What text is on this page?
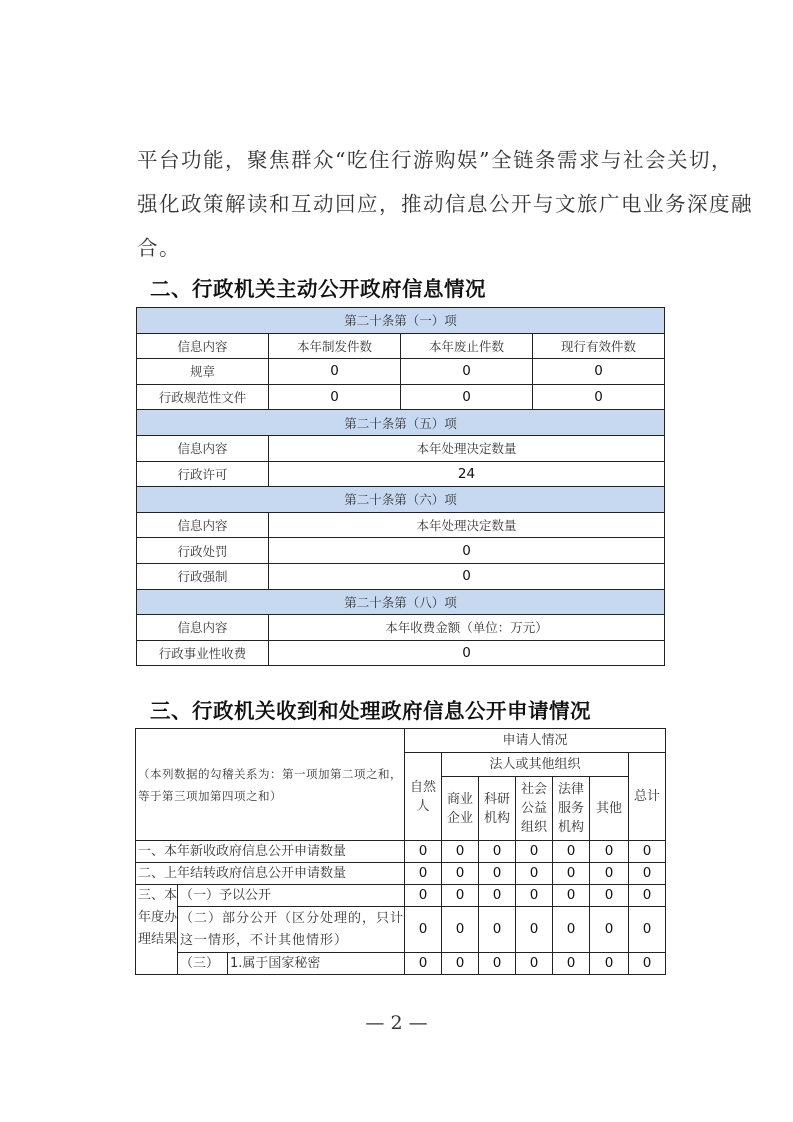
平台功能，聚焦群众“吃住行游购娱”全链条需求与社会关切，
强化政策解读和互动回应，推动信息公开与文旅广电业务深度融
合。
二、行政机关主动公开政府信息情况
第二十条第（一）项			
信息内容	本年制发件数	本年废止件数	现行有效件数
规章	0	0	0
行政规范性文件	0	0	0
第二十条第（五）项			
信息内容	本年处理决定数量		
行政许可	24		
第二十条第（六）项			
信息内容	本年处理决定数量		
行政处罚	0		
行政强制	0		
第二十条第（八）项			
信息内容	本年收费金额（单位：万元）		
行政事业性收费	0		
三、行政机关收到和处理政府信息公开申请情况
（本列数据的勾稽关系为：第一项加第二项之和，等于第三项加第四项之和）			申请人情况						
			自然人	法人或其他组织					总计
				商业企业	科研机构	社会公益组织	法律服务机构	其他	
一、本年新收政府信息公开申请数量			0	0	0	0	0	0	0
二、上年结转政府信息公开申请数量			0	0	0	0	0	0	0
三、本年度办理结果	（一）予以公开		0	0	0	0	0	0	0
	（二）部分公开（区分处理的，只计这一情形，不计其他情形）		0	0	0	0	0	0	0
	（三）	1.属于国家秘密	0	0	0	0	0	0	0
— 2 —
